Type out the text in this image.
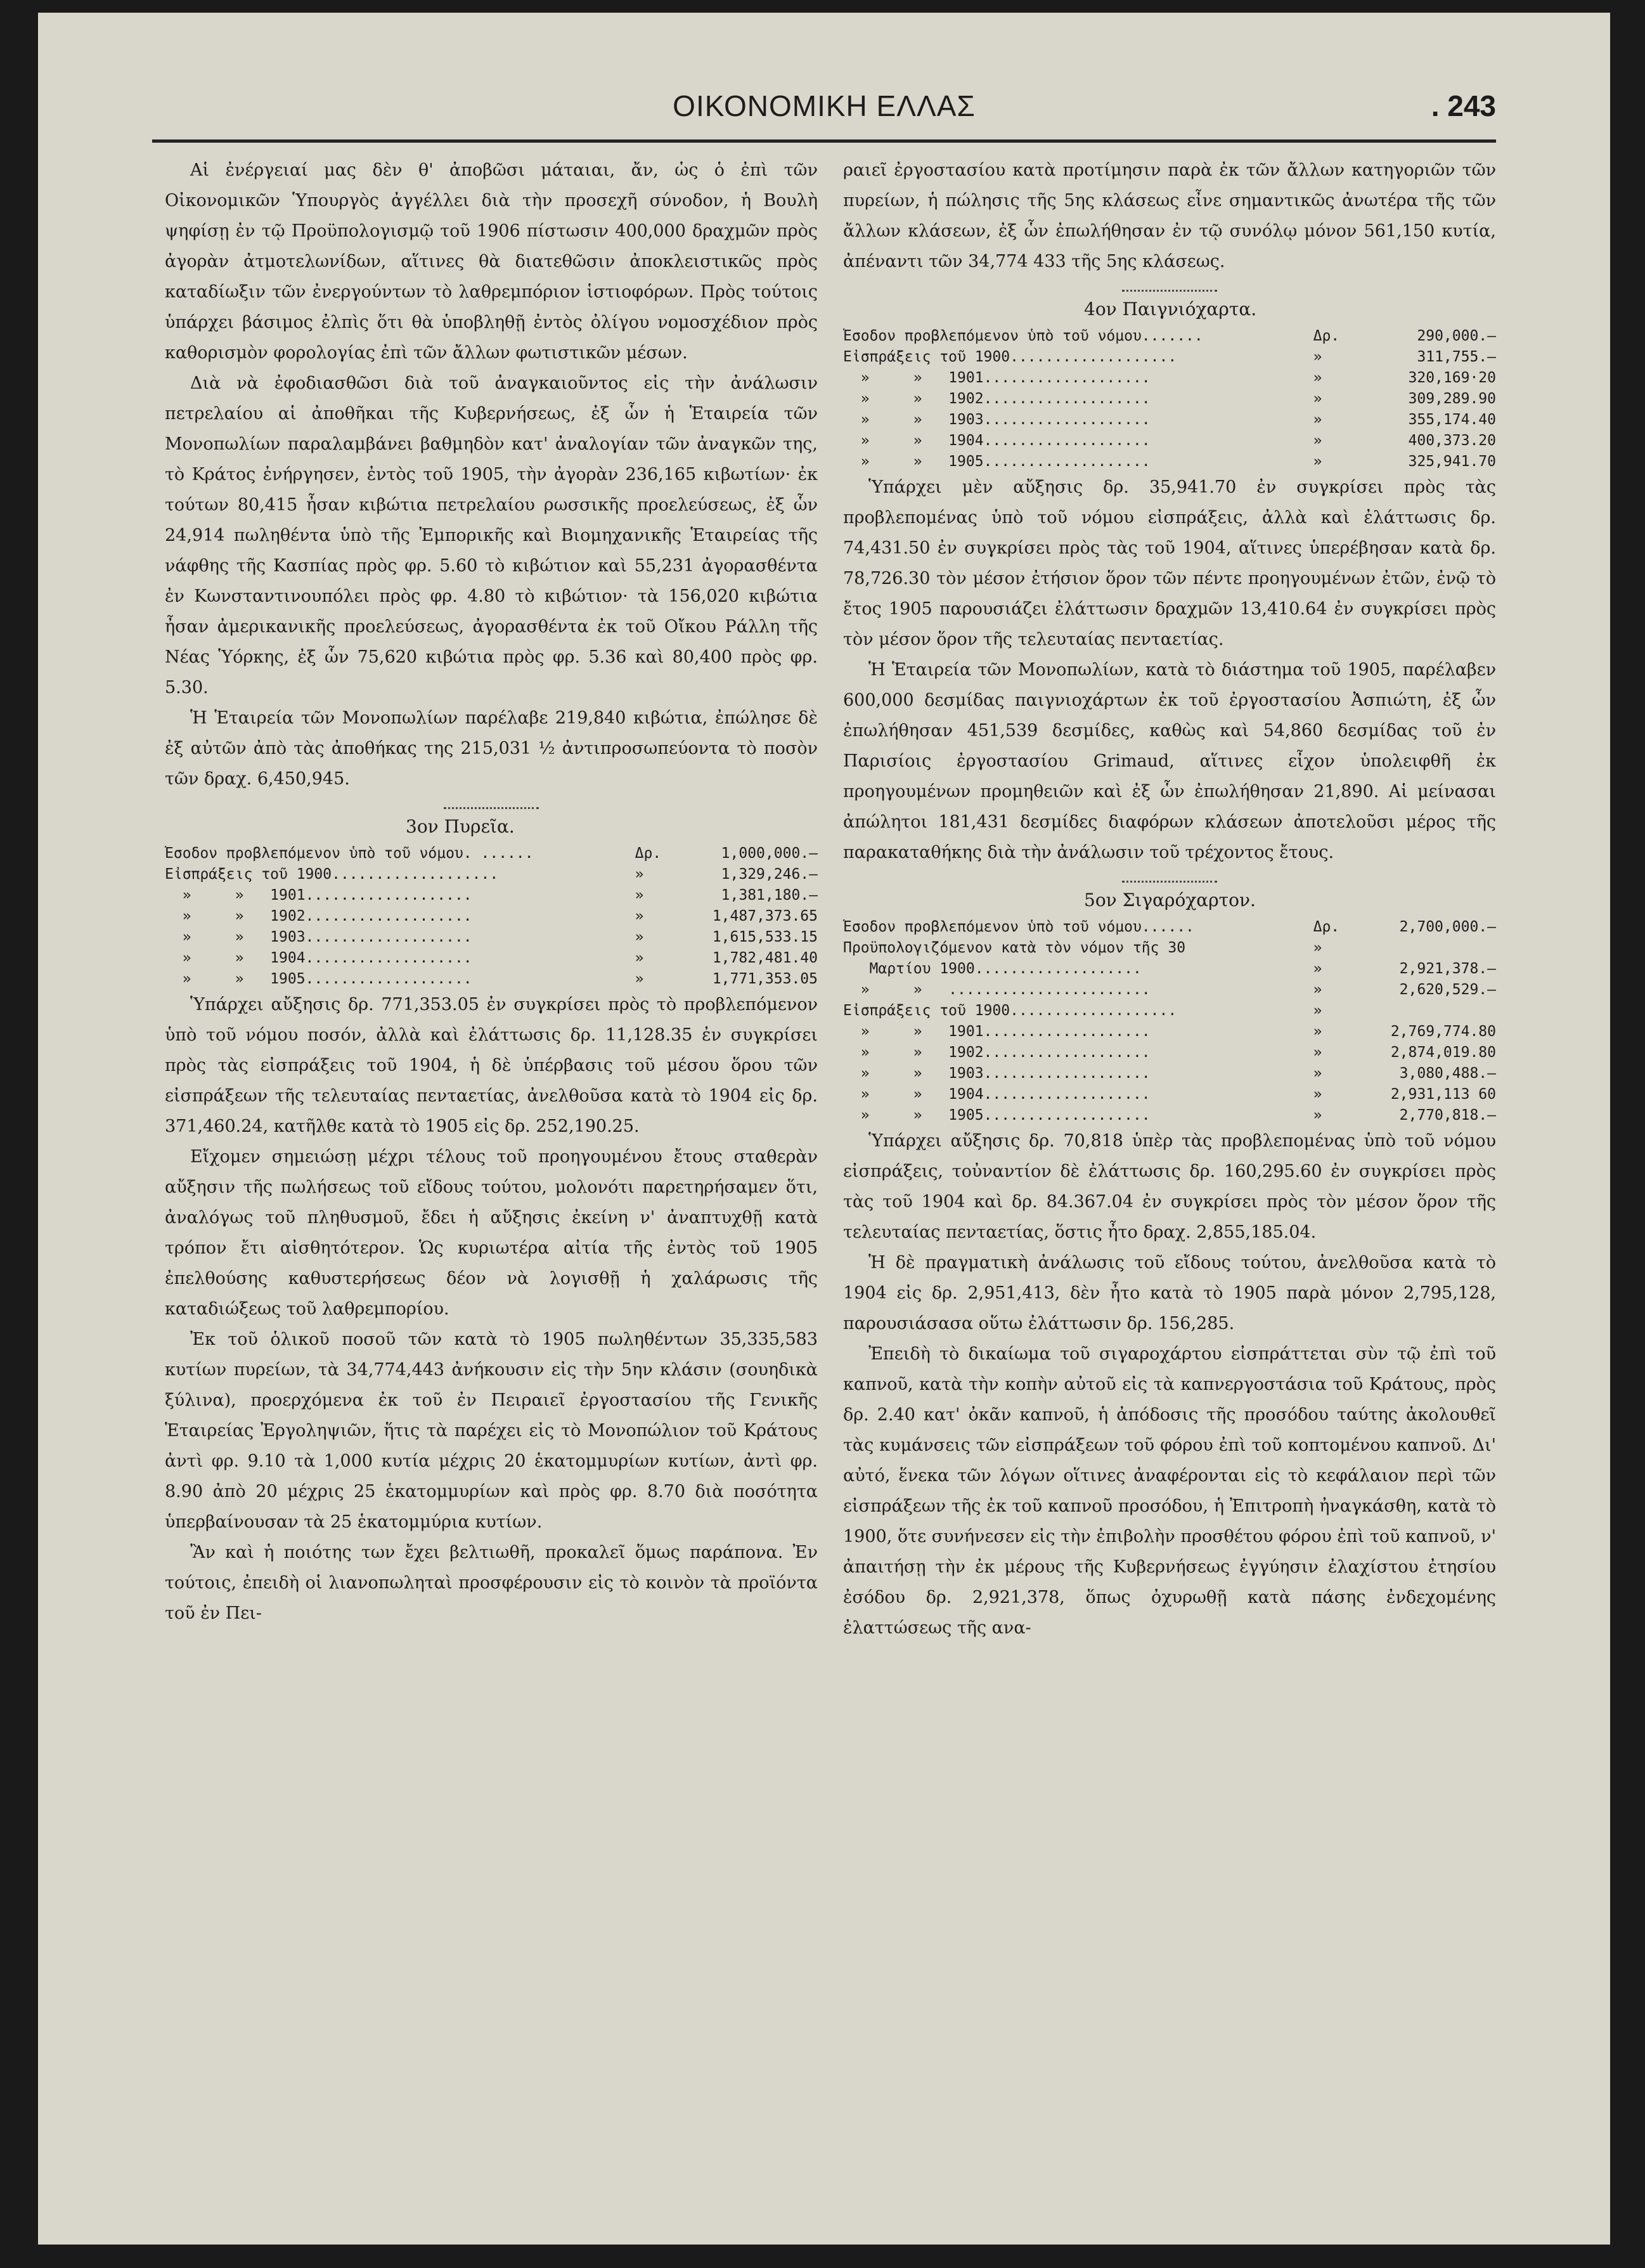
ΟΙΚΟΝΟΜΙΚΗ ΕΛΛΑΣ	. 243

Αἱ ἐνέργειαί μας δὲν θ' ἀποβῶσι μάταιαι, ἄν, ὡς ὁ ἐπὶ τῶν Οἰκονομικῶν Ὑπουργὸς ἀγγέλλει διὰ τὴν προσεχῆ σύνοδον, ἡ Βουλὴ ψηφίσῃ ἐν τῷ Προϋπολογισμῷ τοῦ 1906 πίστωσιν 400,000 δραχμῶν πρὸς ἀγορὰν ἀτμοτελωνίδων, αἵτινες θὰ διατεθῶσιν ἀποκλειστικῶς πρὸς καταδίωξιν τῶν ἐνεργούντων τὸ λαθρεμπόριον ἱστιοφόρων. Πρὸς τούτοις ὑπάρχει βάσιμος ἐλπὶς ὅτι θὰ ὑποβληθῇ ἐντὸς ὀλίγου νομοσχέδιον πρὸς καθορισμὸν φορολογίας ἐπὶ τῶν ἄλλων φωτιστικῶν μέσων.

Διὰ νὰ ἐφοδιασθῶσι διὰ τοῦ ἀναγκαιοῦντος εἰς τὴν ἀνάλωσιν πετρελαίου αἱ ἀποθῆκαι τῆς Κυβερνήσεως, ἐξ ὧν ἡ Ἑταιρεία τῶν Μονοπωλίων παραλαμβάνει βαθμηδὸν κατ' ἀναλογίαν τῶν ἀναγκῶν της, τὸ Κράτος ἐνήργησεν, ἐντὸς τοῦ 1905, τὴν ἀγορὰν 236,165 κιβωτίων· ἐκ τούτων 80,415 ἦσαν κιβώτια πετρελαίου ρωσσικῆς προελεύσεως, ἐξ ὧν 24,914 πωληθέντα ὑπὸ τῆς Ἐμπορικῆς καὶ Βιομηχανικῆς Ἑταιρείας τῆς νάφθης τῆς Κασπίας πρὸς φρ. 5.60 τὸ κιβώτιον καὶ 55,231 ἀγορασθέντα ἐν Κωνσταντινουπόλει πρὸς φρ. 4.80 τὸ κιβώτιον· τὰ 156,020 κιβώτια ἦσαν ἀμερικανικῆς προελεύσεως, ἀγορασθέντα ἐκ τοῦ Οἴκου Ράλλη τῆς Νέας Ὑόρκης, ἐξ ὧν 75,620 κιβώτια πρὸς φρ. 5.36 καὶ 80,400 πρὸς φρ. 5.30.

Ἡ Ἑταιρεία τῶν Μονοπωλίων παρέλαβε 219,840 κιβώτια, ἐπώλησε δὲ ἐξ αὐτῶν ἀπὸ τὰς ἀποθήκας της 215,031 ½ ἀντιπροσωπεύοντα τὸ ποσὸν τῶν δραχ. 6,450,945.

3ον Πυρεῖα.
Ἔσοδον προβλεπόμενον ὑπὸ τοῦ νόμου. ......	Δρ.	1,000,000.—
Εἰσπράξεις τοῦ 1900...................	»	1,329,246.—
»     »   1901...................	»	1,381,180.—
»     »   1902...................	»	1,487,373.65
»     »   1903...................	»	1,615,533.15
»     »   1904...................	»	1,782,481.40
»     »   1905...................	»	1,771,353.05

Ὑπάρχει αὔξησις δρ. 771,353.05 ἐν συγκρίσει πρὸς τὸ προβλεπόμενον ὑπὸ τοῦ νόμου ποσόν, ἀλλὰ καὶ ἐλάττωσις δρ. 11,128.35 ἐν συγκρίσει πρὸς τὰς εἰσπράξεις τοῦ 1904, ἡ δὲ ὑπέρβασις τοῦ μέσου ὅρου τῶν εἰσπράξεων τῆς τελευταίας πενταετίας, ἀνελθοῦσα κατὰ τὸ 1904 εἰς δρ. 371,460.24, κατῆλθε κατὰ τὸ 1905 εἰς δρ. 252,190.25.

Εἴχομεν σημειώσῃ μέχρι τέλους τοῦ προηγουμένου ἔτους σταθερὰν αὔξησιν τῆς πωλήσεως τοῦ εἴδους τούτου, μολονότι παρετηρήσαμεν ὅτι, ἀναλόγως τοῦ πληθυσμοῦ, ἔδει ἡ αὔξησις ἐκείνη ν' ἀναπτυχθῇ κατὰ τρόπον ἔτι αἰσθητότερον. Ὡς κυριωτέρα αἰτία τῆς ἐντὸς τοῦ 1905 ἐπελθούσης καθυστερήσεως δέον νὰ λογισθῇ ἡ χαλάρωσις τῆς καταδιώξεως τοῦ λαθρεμπορίου.

Ἐκ τοῦ ὁλικοῦ ποσοῦ τῶν κατὰ τὸ 1905 πωληθέντων 35,335,583 κυτίων πυρείων, τὰ 34,774,443 ἀνήκουσιν εἰς τὴν 5ην κλάσιν (σουηδικὰ ξύλινα), προερχόμενα ἐκ τοῦ ἐν Πειραιεῖ ἐργοστασίου τῆς Γενικῆς Ἑταιρείας Ἐργοληψιῶν, ἥτις τὰ παρέχει εἰς τὸ Μονοπώλιον τοῦ Κράτους ἀντὶ φρ. 9.10 τὰ 1,000 κυτία μέχρις 20 ἑκατομμυρίων κυτίων, ἀντὶ φρ. 8.90 ἀπὸ 20 μέχρις 25 ἑκατομμυρίων καὶ πρὸς φρ. 8.70 διὰ ποσότητα ὑπερβαίνουσαν τὰ 25 ἑκατομμύρια κυτίων.

Ἂν καὶ ἡ ποιότης των ἔχει βελτιωθῆ, προκαλεῖ ὅμως παράπονα. Ἐν τούτοις, ἐπειδὴ οἱ λιανοπωληταὶ προσφέρουσιν εἰς τὸ κοινὸν τὰ προϊόντα τοῦ ἐν Πει-

ραιεῖ ἐργοστασίου κατὰ προτίμησιν παρὰ ἐκ τῶν ἄλλων κατηγοριῶν τῶν πυρείων, ἡ πώλησις τῆς 5ης κλάσεως εἶνε σημαντικῶς ἀνωτέρα τῆς τῶν ἄλλων κλάσεων, ἐξ ὧν ἐπωλήθησαν ἐν τῷ συνόλῳ μόνον 561,150 κυτία, ἀπέναντι τῶν 34,774 433 τῆς 5ης κλάσεως.

4ον Παιγνιόχαρτα.
Ἔσοδον προβλεπόμενον ὑπὸ τοῦ νόμου.......	Δρ.	290,000.—
Εἰσπράξεις τοῦ 1900...................	»	311,755.—
»     »   1901...................	»	320,169·20
»     »   1902...................	»	309,289.90
»     »   1903...................	»	355,174.40
»     »   1904...................	»	400,373.20
»     »   1905...................	»	325,941.70

Ὑπάρχει μὲν αὔξησις δρ. 35,941.70 ἐν συγκρίσει πρὸς τὰς προβλεπομένας ὑπὸ τοῦ νόμου εἰσπράξεις, ἀλλὰ καὶ ἐλάττωσις δρ. 74,431.50 ἐν συγκρίσει πρὸς τὰς τοῦ 1904, αἵτινες ὑπερέβησαν κατὰ δρ. 78,726.30 τὸν μέσον ἐτήσιον ὅρον τῶν πέντε προηγουμένων ἐτῶν, ἐνῷ τὸ ἔτος 1905 παρουσιάζει ἐλάττωσιν δραχμῶν 13,410.64 ἐν συγκρίσει πρὸς τὸν μέσον ὅρον τῆς τελευταίας πενταετίας.

Ἡ Ἑταιρεία τῶν Μονοπωλίων, κατὰ τὸ διάστημα τοῦ 1905, παρέλαβεν 600,000 δεσμίδας παιγνιοχάρτων ἐκ τοῦ ἐργοστασίου Ἀσπιώτη, ἐξ ὧν ἐπωλήθησαν 451,539 δεσμίδες, καθὼς καὶ 54,860 δεσμίδας τοῦ ἐν Παρισίοις ἐργοστασίου Grimaud, αἵτινες εἶχον ὑπολειφθῆ ἐκ προηγουμένων προμηθειῶν καὶ ἐξ ὧν ἐπωλήθησαν 21,890. Αἱ μείνασαι ἀπώλητοι 181,431 δεσμίδες διαφόρων κλάσεων ἀποτελοῦσι μέρος τῆς παρακαταθήκης διὰ τὴν ἀνάλωσιν τοῦ τρέχοντος ἔτους.

5ον Σιγαρόχαρτον.
Ἔσοδον προβλεπόμενον ὑπὸ τοῦ νόμου......	Δρ.	2,700,000.—
Προϋπολογιζόμενον κατὰ τὸν νόμον τῆς 30	»	
Μαρτίου 1900...................	»	2,921,378.—
»     »   .......................	»	2,620,529.—
Εἰσπράξεις τοῦ 1900...................	»	
»     »   1901...................	»	2,769,774.80
»     »   1902...................	»	2,874,019.80
»     »   1903...................	»	3,080,488.—
»     »   1904...................	»	2,931,113 60
»     »   1905...................	»	2,770,818.—

Ὑπάρχει αὔξησις δρ. 70,818 ὑπὲρ τὰς προβλεπομένας ὑπὸ τοῦ νόμου εἰσπράξεις, τοὐναντίον δὲ ἐλάττωσις δρ. 160,295.60 ἐν συγκρίσει πρὸς τὰς τοῦ 1904 καὶ δρ. 84.367.04 ἐν συγκρίσει πρὸς τὸν μέσον ὅρον τῆς τελευταίας πενταετίας, ὅστις ἦτο δραχ. 2,855,185.04.

Ἡ δὲ πραγματικὴ ἀνάλωσις τοῦ εἴδους τούτου, ἀνελθοῦσα κατὰ τὸ 1904 εἰς δρ. 2,951,413, δὲν ἦτο κατὰ τὸ 1905 παρὰ μόνον 2,795,128, παρουσιάσασα οὕτω ἐλάττωσιν δρ. 156,285.

Ἐπειδὴ τὸ δικαίωμα τοῦ σιγαροχάρτου εἰσπράττεται σὺν τῷ ἐπὶ τοῦ καπνοῦ, κατὰ τὴν κοπὴν αὐτοῦ εἰς τὰ καπνεργοστάσια τοῦ Κράτους, πρὸς δρ. 2.40 κατ' ὀκᾶν καπνοῦ, ἡ ἀπόδοσις τῆς προσόδου ταύτης ἀκολουθεῖ τὰς κυμάνσεις τῶν εἰσπράξεων τοῦ φόρου ἐπὶ τοῦ κοπτομένου καπνοῦ. Δι' αὐτό, ἕνεκα τῶν λόγων οἵτινες ἀναφέρονται εἰς τὸ κεφάλαιον περὶ τῶν εἰσπράξεων τῆς ἐκ τοῦ καπνοῦ προσόδου, ἡ Ἐπιτροπὴ ἠναγκάσθη, κατὰ τὸ 1900, ὅτε συνήνεσεν εἰς τὴν ἐπιβολὴν προσθέτου φόρου ἐπὶ τοῦ καπνοῦ, ν' ἀπαιτήσῃ τὴν ἐκ μέρους τῆς Κυβερνήσεως ἐγγύησιν ἐλαχίστου ἐτησίου ἐσόδου δρ. 2,921,378, ὅπως ὀχυρωθῇ κατὰ πάσης ἐνδεχομένης ἐλαττώσεως τῆς ανα-
